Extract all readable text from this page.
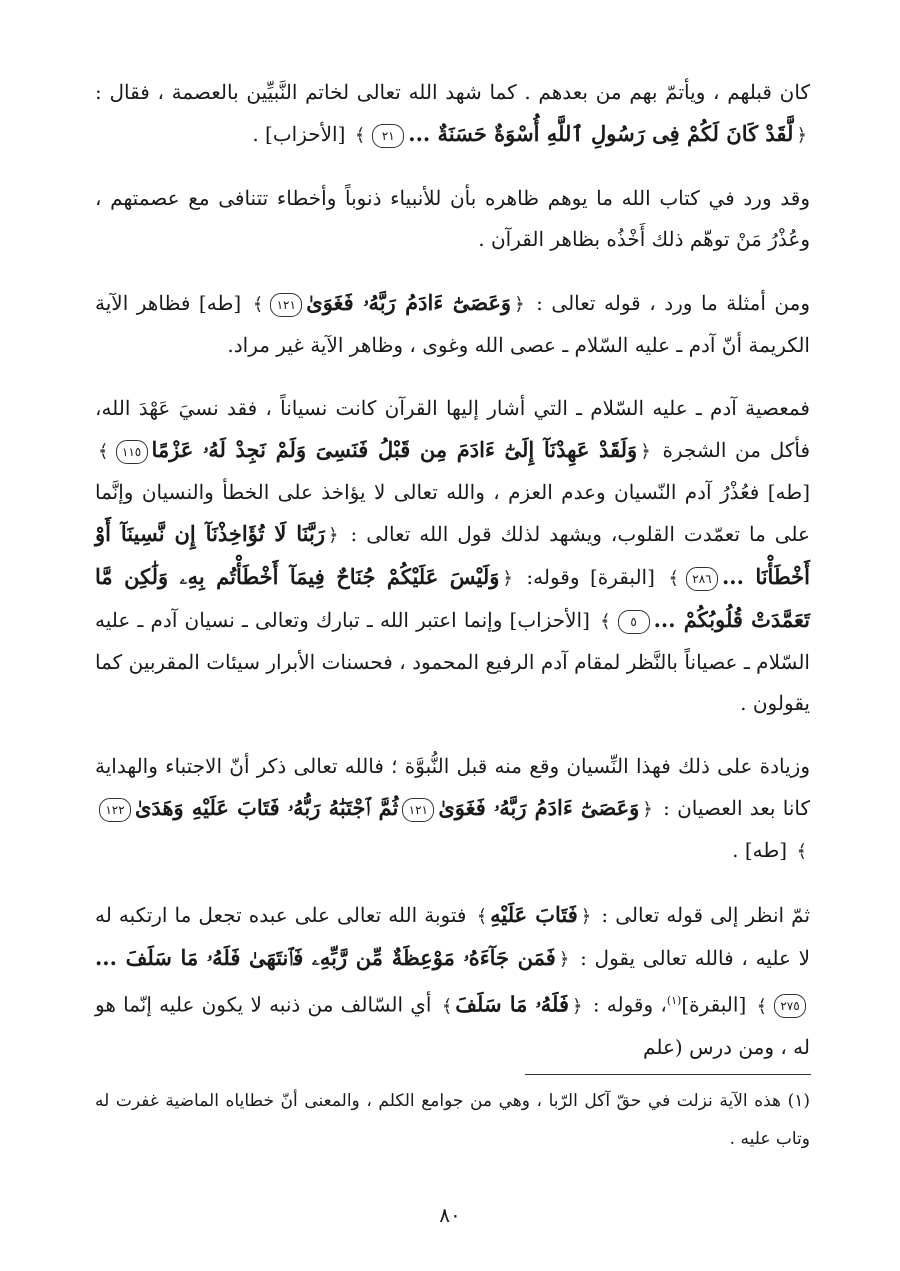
كان قبلهم ، ويأتمّ بهم من بعدهم . كما شهد الله تعالى لخاتم النَّبيِّين بالعصمة ، فقال : ﴿لَّقَدْ كَانَ لَكُمْ فِى رَسُولِ ٱللَّهِ أُسْوَةٌ حَسَنَةٌ ...٢١﴾ [الأحزاب] .

وقد ورد في كتاب الله ما يوهم ظاهره بأن للأنبياء ذنوباً وأخطاء تتنافى مع عصمتهم ، وعُذْرُ مَنْ توهّم ذلك أَخْذُه بظاهر القرآن .

ومن أمثلة ما ورد ، قوله تعالى : ﴿وَعَصَىٰٓ ءَادَمُ رَبَّهُۥ فَغَوَىٰ١٢١﴾ [طه] فظاهر الآية الكريمة أنّ آدم ـ عليه السّلام ـ عصى الله وغوى ، وظاهر الآية غير مراد.

فمعصية آدم ـ عليه السّلام ـ التي أشار إليها القرآن كانت نسياناً ، فقد نسيَ عَهْدَ الله، فأكل من الشجرة ﴿وَلَقَدْ عَهِدْنَآ إِلَىٰٓ ءَادَمَ مِن قَبْلُ فَنَسِىَ وَلَمْ نَجِدْ لَهُۥ عَزْمًا١١٥﴾ [طه] فعُذْرُ آدم النّسيان وعدم العزم ، والله تعالى لا يؤاخذ على الخطأ والنسيان وإنَّما على ما تعمّدت القلوب، ويشهد لذلك قول الله تعالى : ﴿رَبَّنَا لَا تُؤَاخِذْنَآ إِن نَّسِينَآ أَوْ أَخْطَأْنَا ...٢٨٦﴾ [البقرة] وقوله: ﴿وَلَيْسَ عَلَيْكُمْ جُنَاحٌ فِيمَآ أَخْطَأْتُم بِهِۦ وَلَٰكِن مَّا تَعَمَّدَتْ قُلُوبُكُمْ ...٥﴾ [الأحزاب] وإنما اعتبر الله ـ تبارك وتعالى ـ نسيان آدم ـ عليه السّلام ـ عصياناً بالنَّظر لمقام آدم الرفيع المحمود ، فحسنات الأبرار سيئات المقربين كما يقولون .

وزيادة على ذلك فهذا النِّسيان وقع منه قبل النُّبوَّة ؛ فالله تعالى ذكر أنّ الاجتباء والهداية كانا بعد العصيان : ﴿وَعَصَىٰٓ ءَادَمُ رَبَّهُۥ فَغَوَىٰ١٢١ثُمَّ ٱجْتَبَٰهُ رَبُّهُۥ فَتَابَ عَلَيْهِ وَهَدَىٰ١٢٢﴾ [طه] .

ثمّ انظر إلى قوله تعالى : ﴿فَتَابَ عَلَيْهِ﴾ فتوبة الله تعالى على عبده تجعل ما ارتكبه له لا عليه ، فالله تعالى يقول : ﴿فَمَن جَآءَهُۥ مَوْعِظَةٌ مِّن رَّبِّهِۦ فَٱنتَهَىٰ فَلَهُۥ مَا سَلَفَ ...٢٧٥﴾ [البقرة]$^{(١)}$، وقوله : ﴿فَلَهُۥ مَا سَلَفَ﴾ أي السّالف من ذنبه لا يكون عليه إنّما هو له ، ومن درس (علم

(١) هذه الآية نزلت في حقّ آكل الرّبا ، وهي من جوامع الكلم ، والمعنى أنّ خطاياه الماضية غفرت له وتاب عليه .
٨٠
